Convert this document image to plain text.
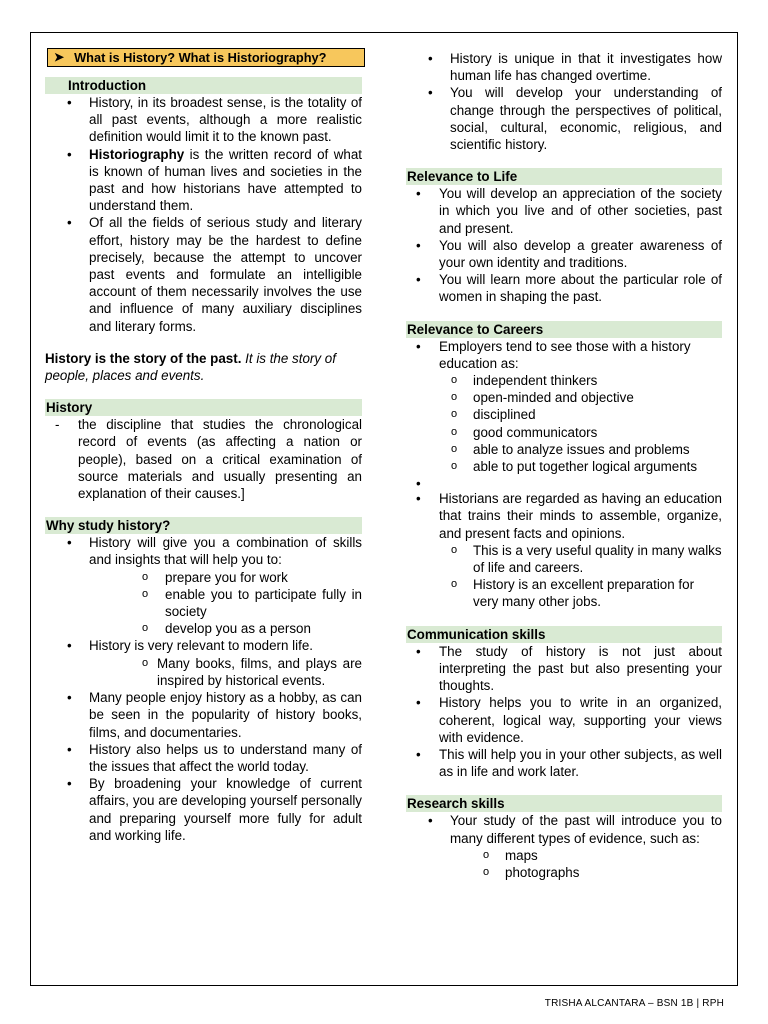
➤ What is History? What is Historiography?
Introduction
• History, in its broadest sense, is the totality of all past events, although a more realistic definition would limit it to the known past.
• Historiography is the written record of what is known of human lives and societies in the past and how historians have attempted to understand them.
• Of all the fields of serious study and literary effort, history may be the hardest to define precisely, because the attempt to uncover past events and formulate an intelligible account of them necessarily involves the use and influence of many auxiliary disciplines and literary forms.
History is the story of the past. It is the story of people, places and events.
History
- the discipline that studies the chronological record of events (as affecting a nation or people), based on a critical examination of source materials and usually presenting an explanation of their causes.]
Why study history?
• History will give you a combination of skills and insights that will help you to:
o prepare you for work
o enable you to participate fully in society
o develop you as a person
• History is very relevant to modern life.
o Many books, films, and plays are inspired by historical events.
• Many people enjoy history as a hobby, as can be seen in the popularity of history books, films, and documentaries.
• History also helps us to understand many of the issues that affect the world today.
• By broadening your knowledge of current affairs, you are developing yourself personally and preparing yourself more fully for adult and working life.
• History is unique in that it investigates how human life has changed overtime.
• You will develop your understanding of change through the perspectives of political, social, cultural, economic, religious, and scientific history.
Relevance to Life
• You will develop an appreciation of the society in which you live and of other societies, past and present.
• You will also develop a greater awareness of your own identity and traditions.
• You will learn more about the particular role of women in shaping the past.
Relevance to Careers
• Employers tend to see those with a history education as:
o independent thinkers
o open-minded and objective
o disciplined
o good communicators
o able to analyze issues and problems
o able to put together logical arguments
•
• Historians are regarded as having an education that trains their minds to assemble, organize, and present facts and opinions.
o This is a very useful quality in many walks of life and careers.
o History is an excellent preparation for very many other jobs.
Communication skills
• The study of history is not just about interpreting the past but also presenting your thoughts.
• History helps you to write in an organized, coherent, logical way, supporting your views with evidence.
• This will help you in your other subjects, as well as in life and work later.
Research skills
• Your study of the past will introduce you to many different types of evidence, such as:
o maps
o photographs
TRISHA ALCANTARA – BSN 1B | RPH
